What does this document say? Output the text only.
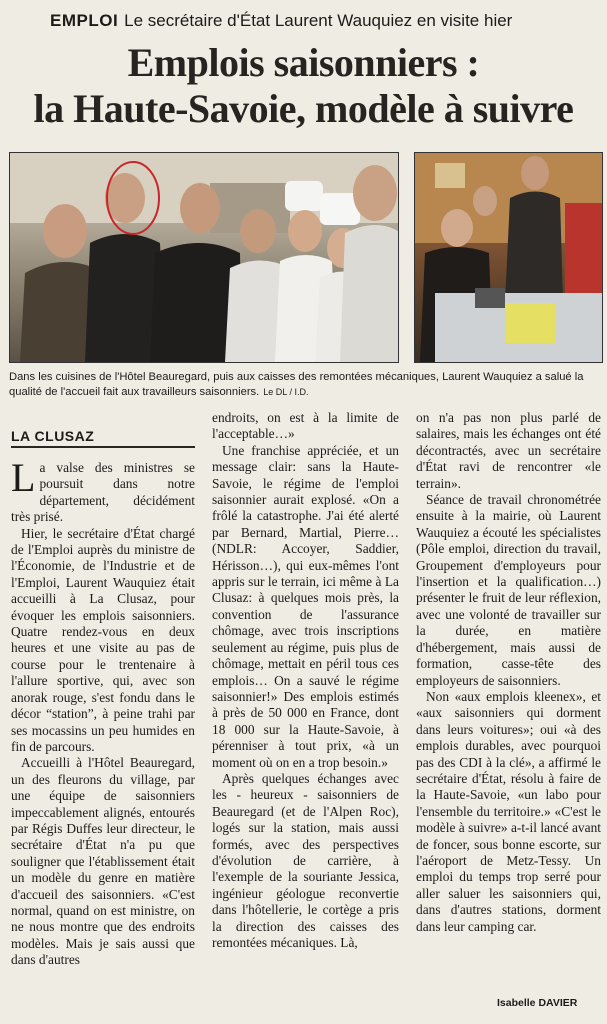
EMPLOI Le secrétaire d'État Laurent Wauquiez en visite hier
Emplois saisonniers :
la Haute-Savoie, modèle à suivre
Dans les cuisines de l'Hôtel Beauregard, puis aux caisses des remontées mécaniques, Laurent Wauquiez a salué la qualité de l'accueil fait aux travailleurs saisonniers. Le DL / I.D.
LA CLUSAZ

La valse des ministres se poursuit dans notre département, décidément très prisé.

Hier, le secrétaire d'État chargé de l'Emploi auprès du ministre de l'Économie, de l'Industrie et de l'Emploi, Laurent Wauquiez était accueilli à La Clusaz, pour évoquer les emplois saisonniers. Quatre rendez-vous en deux heures et une visite au pas de course pour le trentenaire à l'allure sportive, qui, avec son anorak rouge, s'est fondu dans le décor “station”, à peine trahi par ses mocassins un peu humides en fin de parcours.

Accueilli à l'Hôtel Beauregard, un des fleurons du village, par une équipe de saisonniers impeccablement alignés, entourés par Régis Duffes leur directeur, le secrétaire d'État n'a pu que souligner que l'établissement était un modèle du genre en matière d'accueil des saisonniers. «C'est normal, quand on est ministre, on ne nous montre que des endroits modèles. Mais je sais aussi que dans d'autres

endroits, on est à la limite de l'acceptable…»

Une franchise appréciée, et un message clair: sans la Haute-Savoie, le régime de l'emploi saisonnier aurait explosé. «On a frôlé la catastrophe. J'ai été alerté par Bernard, Martial, Pierre… (NDLR: Accoyer, Saddier, Hérisson…), qui eux-mêmes l'ont appris sur le terrain, ici même à La Clusaz: à quelques mois près, la convention de l'assurance chômage, avec trois inscriptions seulement au régime, puis plus de chômage, mettait en péril tous ces emplois… On a sauvé le régime saisonnier!» Des emplois estimés à près de 50 000 en France, dont 18 000 sur la Haute-Savoie, à pérenniser à tout prix, «à un moment où on en a trop besoin.»

Après quelques échanges avec les - heureux - saisonniers de Beauregard (et de l'Alpen Roc), logés sur la station, mais aussi formés, avec des perspectives d'évolution de carrière, à l'exemple de la souriante Jessica, ingénieur géologue reconvertie dans l'hôtellerie, le cortège a pris la direction des caisses des remontées mécaniques. Là,

on n'a pas non plus parlé de salaires, mais les échanges ont été décontractés, avec un secrétaire d'État ravi de rencontrer «le terrain».

Séance de travail chronométrée ensuite à la mairie, où Laurent Wauquiez a écouté les spécialistes (Pôle emploi, direction du travail, Groupement d'employeurs pour l'insertion et la qualification…) présenter le fruit de leur réflexion, avec une volonté de travailler sur la durée, en matière d'hébergement, mais aussi de formation, casse-tête des employeurs de saisonniers.

Non «aux emplois kleenex», et «aux saisonniers qui dorment dans leurs voitures»; oui «à des emplois durables, avec pourquoi pas des CDI à la clé», a affirmé le secrétaire d'État, résolu à faire de la Haute-Savoie, «un labo pour l'ensemble du territoire.» «C'est le modèle à suivre» a-t-il lancé avant de foncer, sous bonne escorte, sur l'aéroport de Metz-Tessy. Un emploi du temps trop serré pour aller saluer les saisonniers qui, dans d'autres stations, dorment dans leur camping car.

Isabelle DAVIER
